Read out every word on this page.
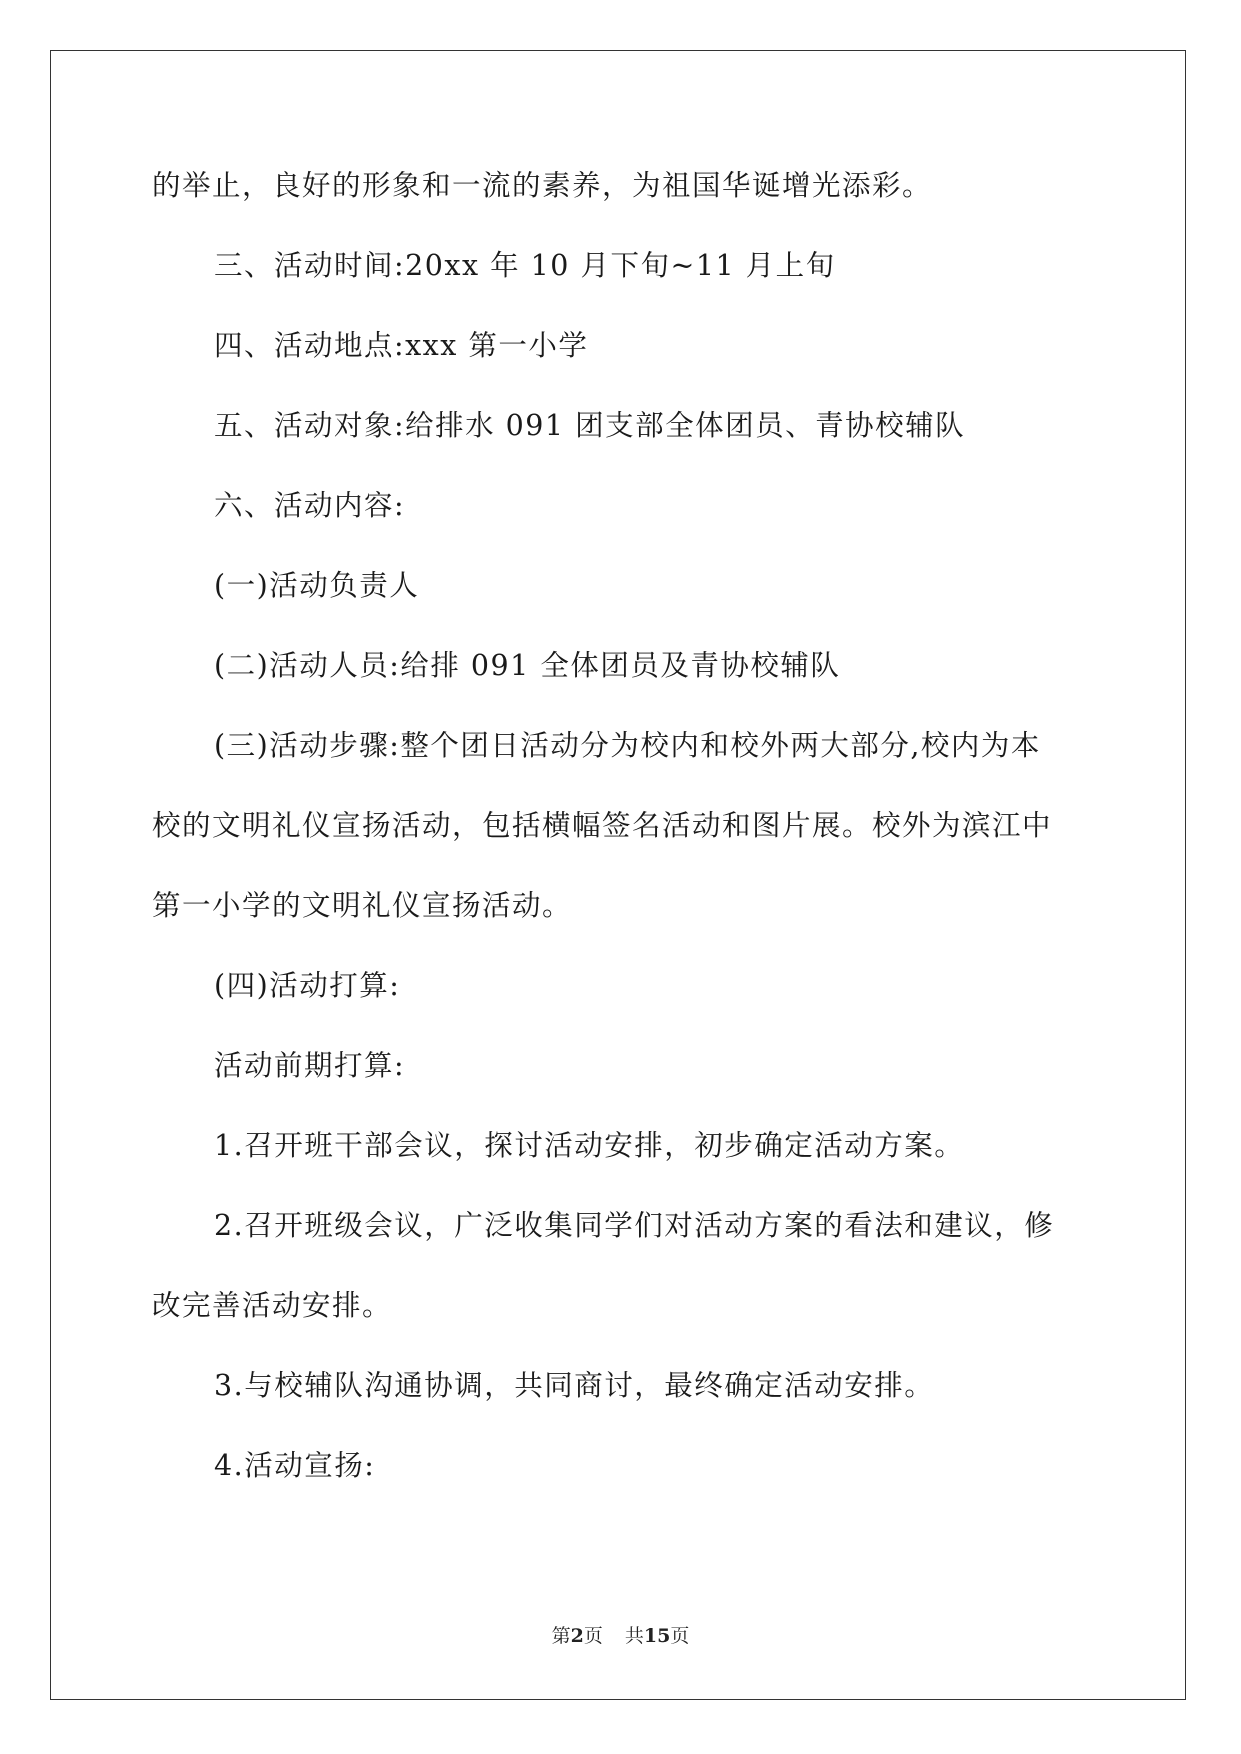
的举止，良好的形象和一流的素养，为祖国华诞增光添彩。
三、活动时间:20xx 年 10 月下旬~11 月上旬
四、活动地点:xxx 第一小学
五、活动对象:给排水 091 团支部全体团员、青协校辅队
六、活动内容:
(一)活动负责人
(二)活动人员:给排 091 全体团员及青协校辅队
(三)活动步骤:整个团日活动分为校内和校外两大部分,校内为本
校的文明礼仪宣扬活动，包括横幅签名活动和图片展。校外为滨江中
第一小学的文明礼仪宣扬活动。
(四)活动打算:
活动前期打算:
1.召开班干部会议，探讨活动安排，初步确定活动方案。
2.召开班级会议，广泛收集同学们对活动方案的看法和建议，修
改完善活动安排。
3.与校辅队沟通协调，共同商讨，最终确定活动安排。
4.活动宣扬:
第2页 共15页
